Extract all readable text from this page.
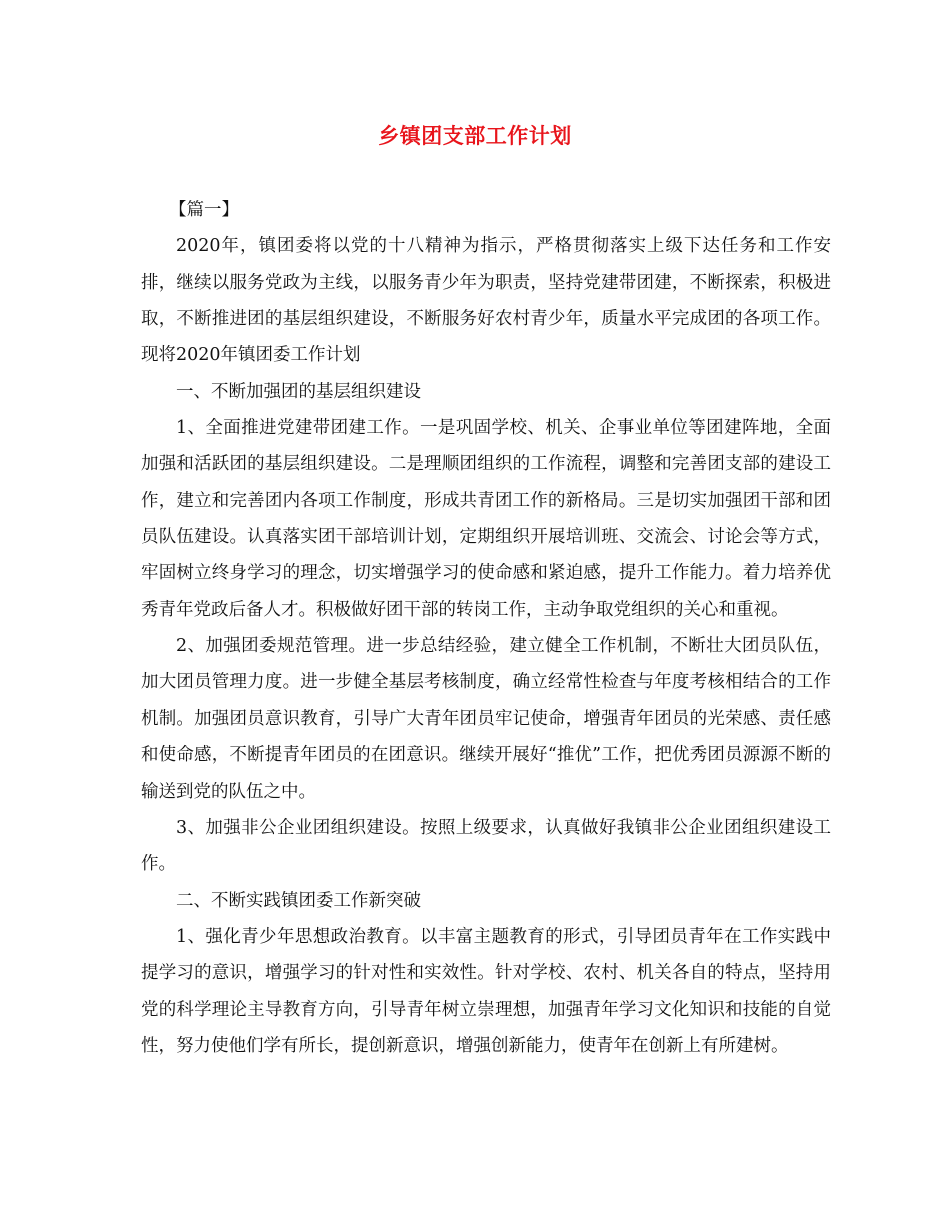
乡镇团支部工作计划

【篇一】

2020年，镇团委将以党的十八精神为指示，严格贯彻落实上级下达任务和工作安排，继续以服务党政为主线，以服务青少年为职责，坚持党建带团建，不断探索，积极进取，不断推进团的基层组织建设，不断服务好农村青少年，质量水平完成团的各项工作。现将2020年镇团委工作计划

一、不断加强团的基层组织建设

1、全面推进党建带团建工作。一是巩固学校、机关、企事业单位等团建阵地，全面加强和活跃团的基层组织建设。二是理顺团组织的工作流程，调整和完善团支部的建设工作，建立和完善团内各项工作制度，形成共青团工作的新格局。三是切实加强团干部和团员队伍建设。认真落实团干部培训计划，定期组织开展培训班、交流会、讨论会等方式，牢固树立终身学习的理念，切实增强学习的使命感和紧迫感，提升工作能力。着力培养优秀青年党政后备人才。积极做好团干部的转岗工作，主动争取党组织的关心和重视。

2、加强团委规范管理。进一步总结经验，建立健全工作机制，不断壮大团员队伍，加大团员管理力度。进一步健全基层考核制度，确立经常性检查与年度考核相结合的工作机制。加强团员意识教育，引导广大青年团员牢记使命，增强青年团员的光荣感、责任感和使命感，不断提青年团员的在团意识。继续开展好“推优”工作，把优秀团员源源不断的输送到党的队伍之中。

3、加强非公企业团组织建设。按照上级要求，认真做好我镇非公企业团组织建设工作。

二、不断实践镇团委工作新突破

1、强化青少年思想政治教育。以丰富主题教育的形式，引导团员青年在工作实践中提学习的意识，增强学习的针对性和实效性。针对学校、农村、机关各自的特点，坚持用党的科学理论主导教育方向，引导青年树立崇理想，加强青年学习文化知识和技能的自觉性，努力使他们学有所长，提创新意识，增强创新能力，使青年在创新上有所建树。
